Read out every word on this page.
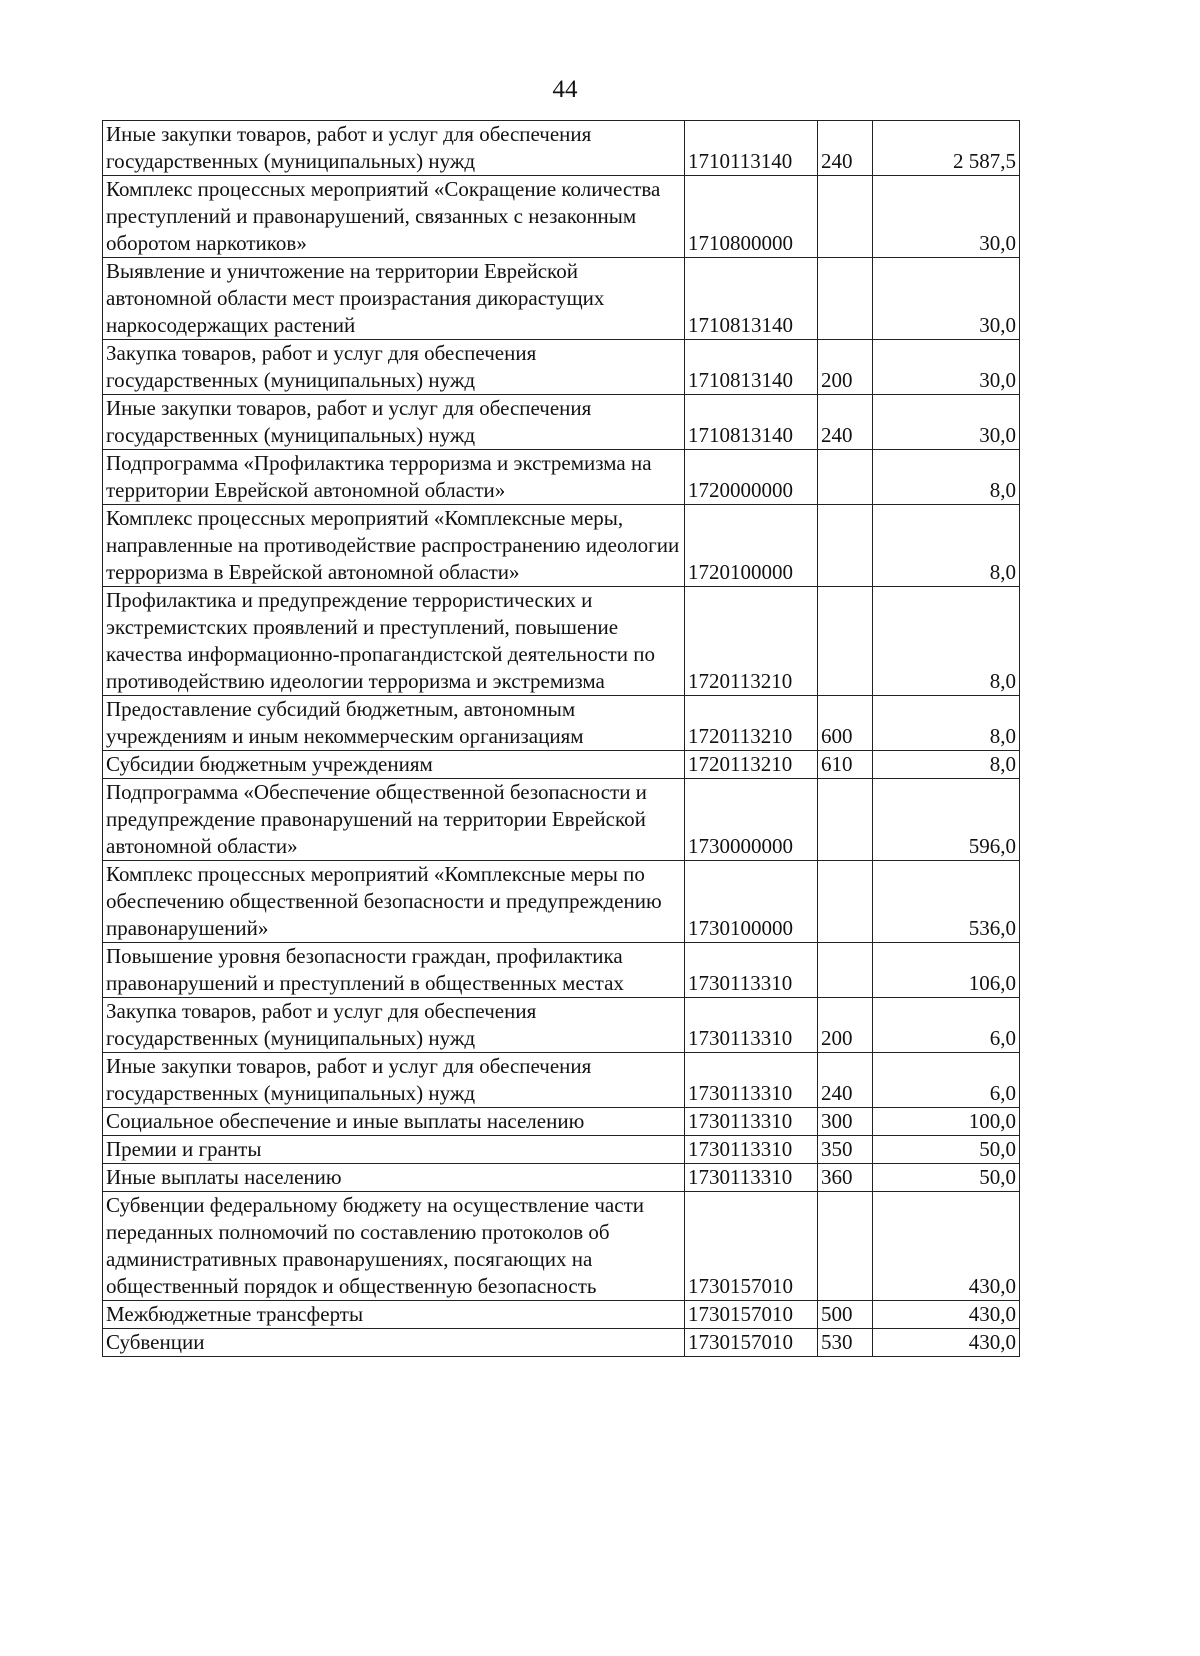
44
Иные закупки товаров, работ и услуг для обеспечения государственных (муниципальных) нужд	1710113140	240	2 587,5
Комплекс процессных мероприятий «Сокращение количества преступлений и правонарушений, связанных с незаконным оборотом наркотиков»	1710800000		30,0
Выявление и уничтожение на территории Еврейской автономной области мест произрастания дикорастущих наркосодержащих растений	1710813140		30,0
Закупка товаров, работ и услуг для обеспечения государственных (муниципальных) нужд	1710813140	200	30,0
Иные закупки товаров, работ и услуг для обеспечения государственных (муниципальных) нужд	1710813140	240	30,0
Подпрограмма «Профилактика терроризма и экстремизма на территории Еврейской автономной области»	1720000000		8,0
Комплекс процессных мероприятий «Комплексные меры, направленные на противодействие распространению идеологии терроризма в Еврейской автономной области»	1720100000		8,0
Профилактика и предупреждение террористических и экстремистских проявлений и преступлений, повышение качества информационно-пропагандистской деятельности по противодействию идеологии терроризма и экстремизма	1720113210		8,0
Предоставление субсидий бюджетным, автономным учреждениям и иным некоммерческим организациям	1720113210	600	8,0
Субсидии бюджетным учреждениям	1720113210	610	8,0
Подпрограмма «Обеспечение общественной безопасности и предупреждение правонарушений на территории Еврейской автономной области»	1730000000		596,0
Комплекс процессных мероприятий «Комплексные меры по обеспечению общественной безопасности и предупреждению правонарушений»	1730100000		536,0
Повышение уровня безопасности граждан, профилактика правонарушений и преступлений в общественных местах	1730113310		106,0
Закупка товаров, работ и услуг для обеспечения государственных (муниципальных) нужд	1730113310	200	6,0
Иные закупки товаров, работ и услуг для обеспечения государственных (муниципальных) нужд	1730113310	240	6,0
Социальное обеспечение и иные выплаты населению	1730113310	300	100,0
Премии и гранты	1730113310	350	50,0
Иные выплаты населению	1730113310	360	50,0
Субвенции федеральному бюджету на осуществление части переданных полномочий по составлению протоколов об административных правонарушениях, посягающих на общественный порядок и общественную безопасность	1730157010		430,0
Межбюджетные трансферты	1730157010	500	430,0
Субвенции	1730157010	530	430,0
